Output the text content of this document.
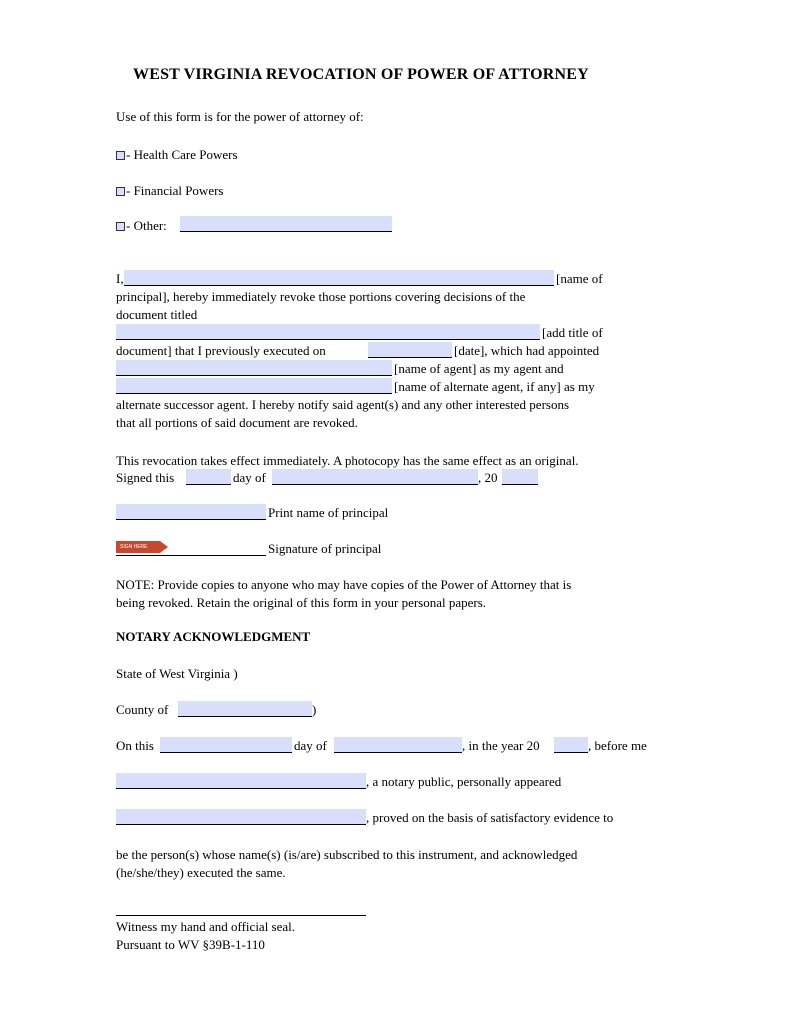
WEST VIRGINIA REVOCATION OF POWER OF ATTORNEY
Use of this form is for the power of attorney of:
- Health Care Powers
- Financial Powers
- Other:
I,	[name of
principal], hereby immediately revoke those portions covering decisions of the
document titled
[add title of
document] that I previously executed on	[date], which had appointed
[name of agent] as my agent and
[name of alternate agent, if any] as my
alternate successor agent. I hereby notify said agent(s) and any other interested persons
that all portions of said document are revoked.
This revocation takes effect immediately. A photocopy has the same effect as an original.
Signed this	day of	, 20
Print name of principal
SIGN HERE	Signature of principal
NOTE: Provide copies to anyone who may have copies of the Power of Attorney that is
being revoked. Retain the original of this form in your personal papers.
NOTARY ACKNOWLEDGMENT
State of West Virginia )
County of	)
On this	day of	, in the year 20	, before me
, a notary public, personally appeared
, proved on the basis of satisfactory evidence to
be the person(s) whose name(s) (is/are) subscribed to this instrument, and acknowledged
(he/she/they) executed the same.
Witness my hand and official seal.
Pursuant to WV §39B-1-110
